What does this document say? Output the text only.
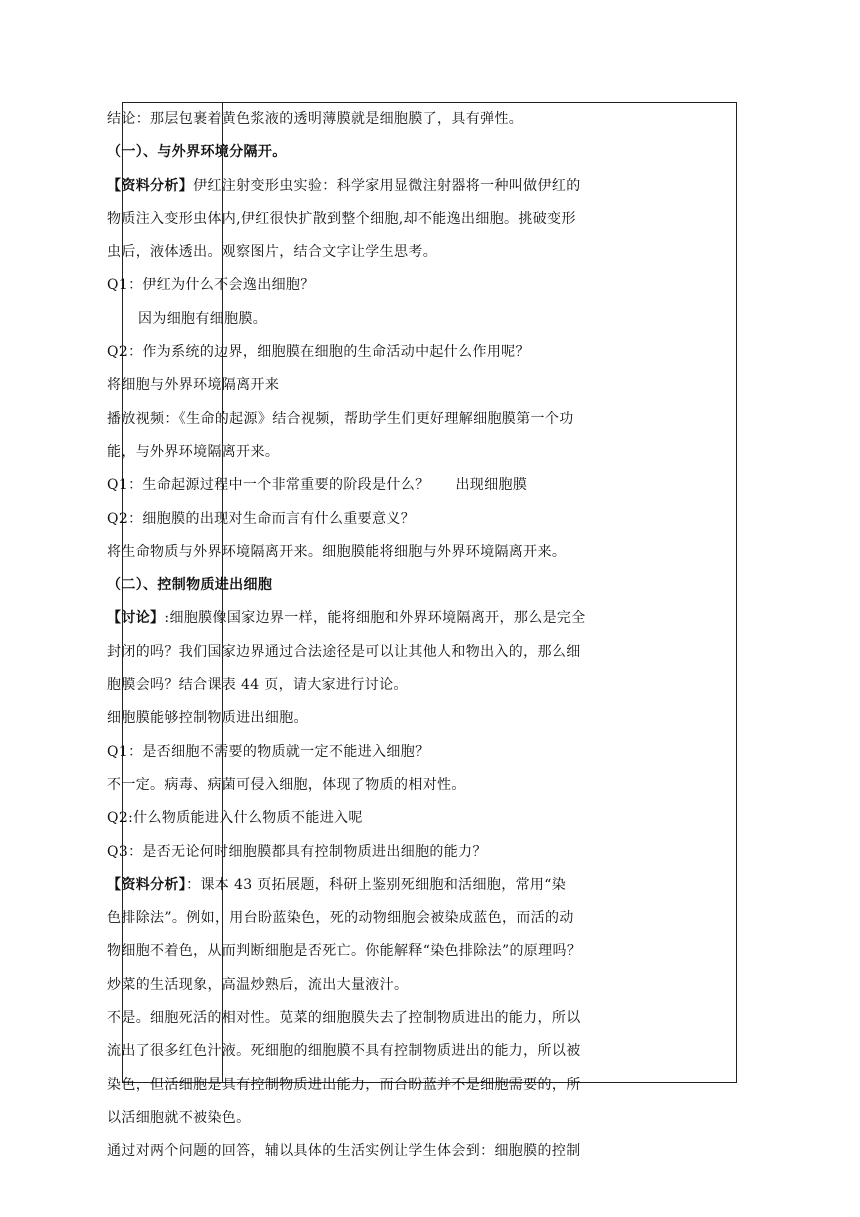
结论：那层包裹着黄色浆液的透明薄膜就是细胞膜了，具有弹性。
（一）、与外界环境分隔开。
【资料分析】伊红注射变形虫实验：科学家用显微注射器将一种叫做伊红的
物质注入变形虫体内,伊红很快扩散到整个细胞,却不能逸出细胞。挑破变形
虫后，液体透出。观察图片，结合文字让学生思考。
Q1：伊红为什么不会逸出细胞？
因为细胞有细胞膜。
Q2：作为系统的边界，细胞膜在细胞的生命活动中起什么作用呢？
将细胞与外界环境隔离开来
播放视频：《生命的起源》结合视频，帮助学生们更好理解细胞膜第一个功
能，与外界环境隔离开来。
Q1：生命起源过程中一个非常重要的阶段是什么？ 出现细胞膜
Q2：细胞膜的出现对生命而言有什么重要意义？
将生命物质与外界环境隔离开来。细胞膜能将细胞与外界环境隔离开来。
（二）、控制物质进出细胞
【讨论】:细胞膜像国家边界一样，能将细胞和外界环境隔离开，那么是完全
封闭的吗？我们国家边界通过合法途径是可以让其他人和物出入的，那么细
胞膜会吗？结合课表 44 页，请大家进行讨论。
细胞膜能够控制物质进出细胞。
Q1：是否细胞不需要的物质就一定不能进入细胞？
不一定。病毒、病菌可侵入细胞，体现了物质的相对性。
Q2:什么物质能进入什么物质不能进入呢
Q3：是否无论何时细胞膜都具有控制物质进出细胞的能力？
【资料分析】：课本 43 页拓展题，科研上鉴别死细胞和活细胞，常用“染
色排除法”。例如，用台盼蓝染色，死的动物细胞会被染成蓝色，而活的动
物细胞不着色，从而判断细胞是否死亡。你能解释“染色排除法”的原理吗？
炒菜的生活现象，高温炒熟后，流出大量液汁。
不是。细胞死活的相对性。苋菜的细胞膜失去了控制物质进出的能力，所以
流出了很多红色汁液。死细胞的细胞膜不具有控制物质进出的能力，所以被
染色，但活细胞是具有控制物质进出能力，而台盼蓝并不是细胞需要的，所
以活细胞就不被染色。
通过对两个问题的回答，辅以具体的生活实例让学生体会到：细胞膜的控制
